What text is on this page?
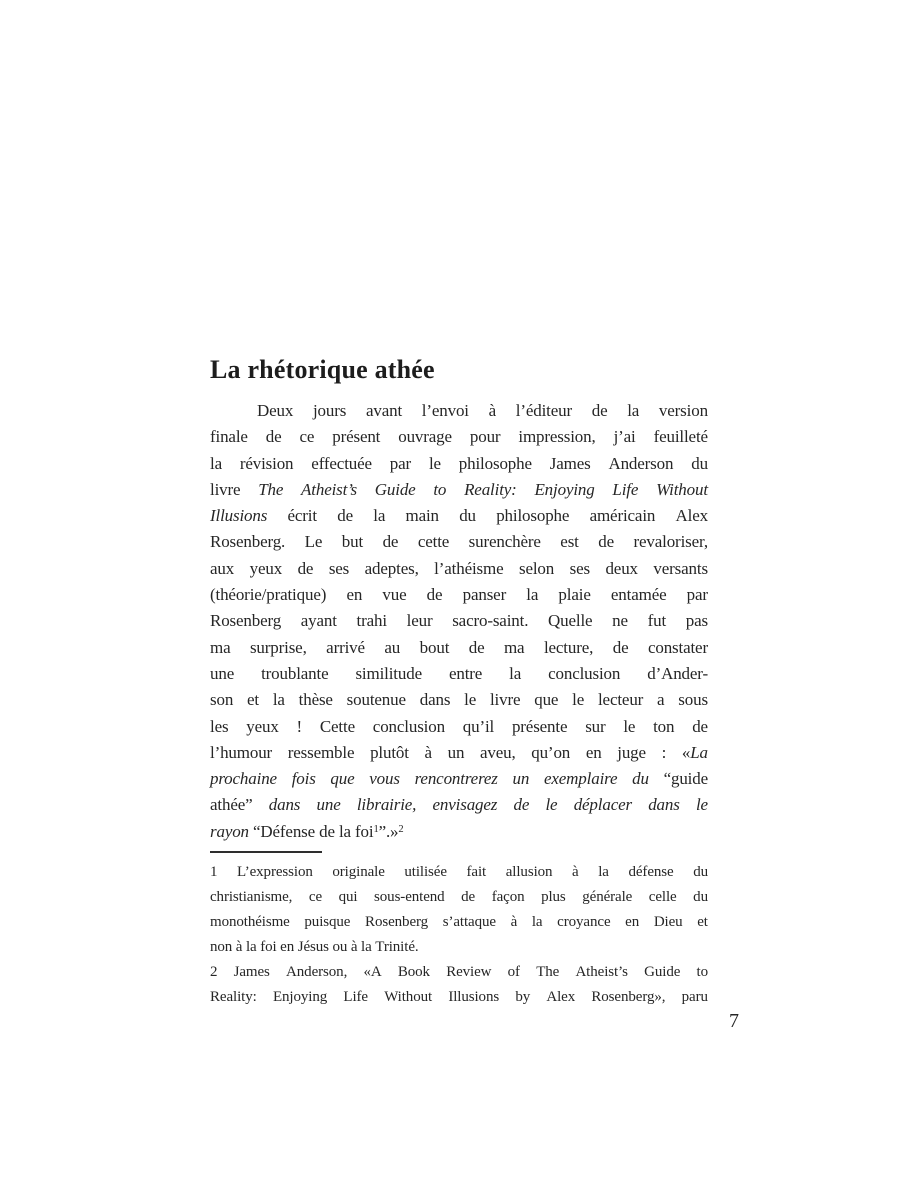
La rhétorique athée
Deux jours avant l’envoi à l’éditeur de la version
finale de ce présent ouvrage pour impression, j’ai feuilleté
la révision effectuée par le philosophe James Anderson du
livre The Atheist’s Guide to Reality: Enjoying Life Without
Illusions écrit de la main du philosophe américain Alex
Rosenberg. Le but de cette surenchère est de revaloriser,
aux yeux de ses adeptes, l’athéisme selon ses deux versants
(théorie/pratique) en vue de panser la plaie entamée par
Rosenberg ayant trahi leur sacro-saint. Quelle ne fut pas
ma surprise, arrivé au bout de ma lecture, de constater
une troublante similitude entre la conclusion d’Ander-
son et la thèse soutenue dans le livre que le lecteur a sous
les yeux ! Cette conclusion qu’il présente sur le ton de
l’humour ressemble plutôt à un aveu, qu’on en juge : «La
prochaine fois que vous rencontrerez un exemplaire du “guide
athée” dans une librairie, envisagez de le déplacer dans le
rayon “Défense de la foi$^1$”.»$^2$
1 L’expression originale utilisée fait allusion à la défense du
christianisme, ce qui sous-entend de façon plus générale celle du
monothéisme puisque Rosenberg s’attaque à la croyance en Dieu et
non à la foi en Jésus ou à la Trinité.
2 James Anderson, «A Book Review of The Atheist’s Guide to
Reality: Enjoying Life Without Illusions by Alex Rosenberg», paru
7
